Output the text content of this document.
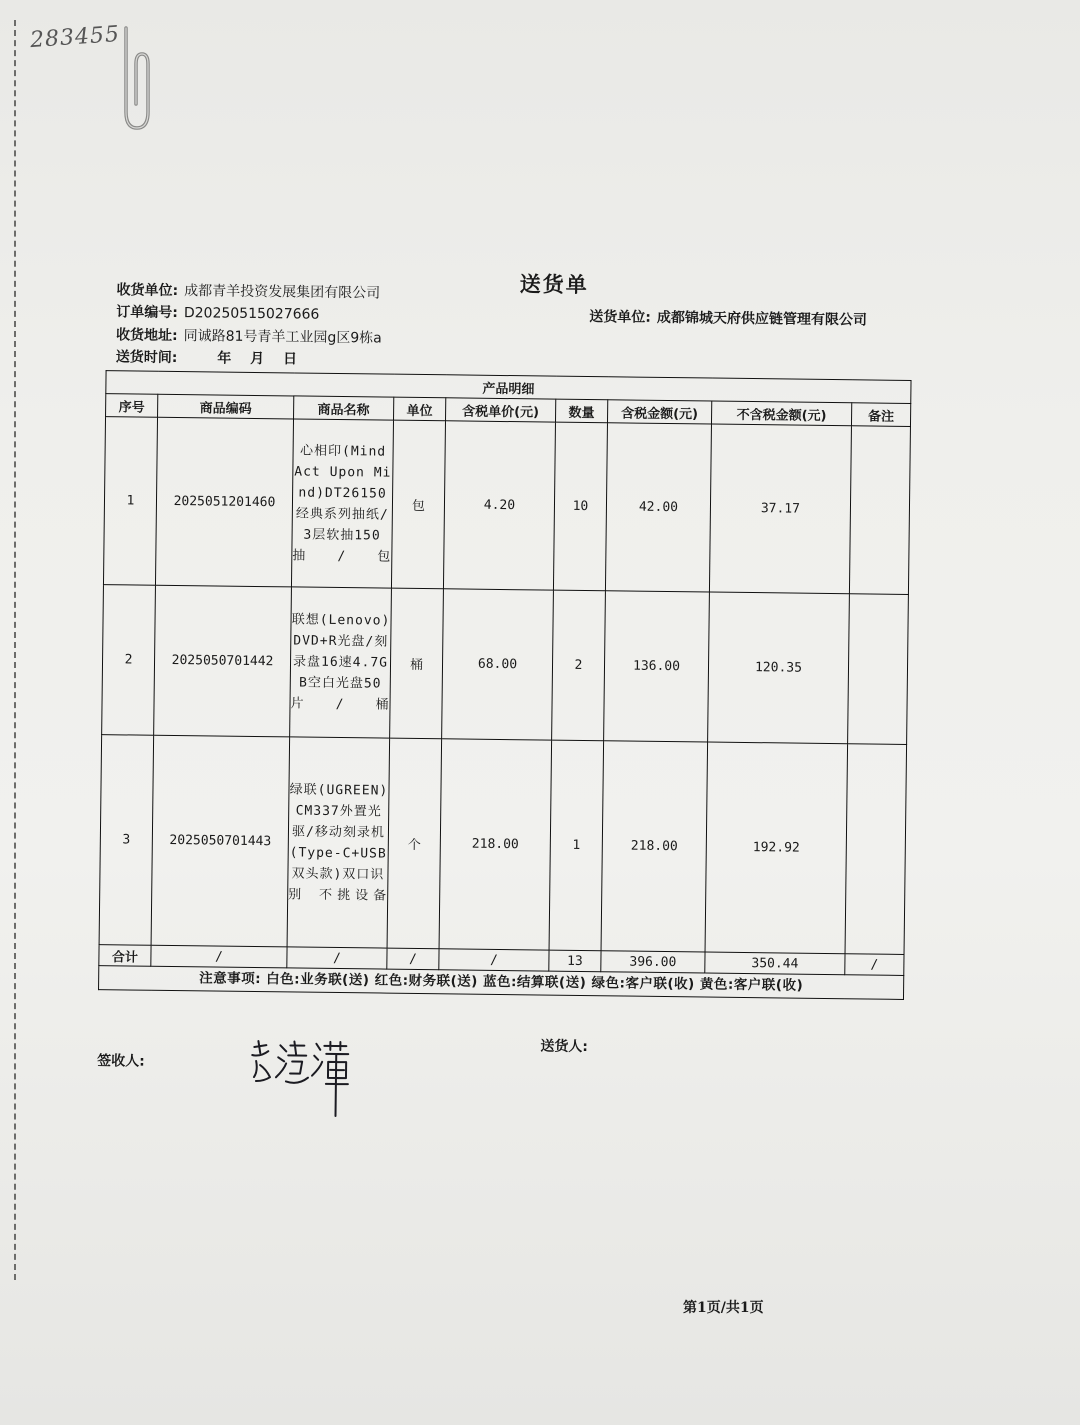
283455
送货单
收货单位: 成都青羊投资发展集团有限公司
订单编号: D20250515027666
收货地址: 同诚路81号青羊工业园g区9栋a
送货时间:	年 月 日
送货单位: 成都锦城天府供应链管理有限公司
产品明细								
序号	商品编码	商品名称	单位	含税单价(元)	数量	含税金额(元)	不含税金额(元)	备注
1	2025051201460	心相印(Mind Act Upon Mind)DT26150经典系列抽纸/3层软抽150抽/包	包	4.20	10	42.00	37.17	
2	2025050701442	联想(Lenovo)DVD+R光盘/刻录盘16速4.7GB空白光盘50片/桶	桶	68.00	2	136.00	120.35	
3	2025050701443	绿联(UGREEN)CM337外置光驱/移动刻录机(Type-C+USB双头款)双口识别 不挑设备	个	218.00	1	218.00	192.92	
合计	/	/	/	/	13	396.00	350.44	/
注意事项: 白色:业务联(送) 红色:财务联(送) 蓝色:结算联(送) 绿色:客户联(收) 黄色:客户联(收)								
签收人:
送货人:
第1页/共1页
